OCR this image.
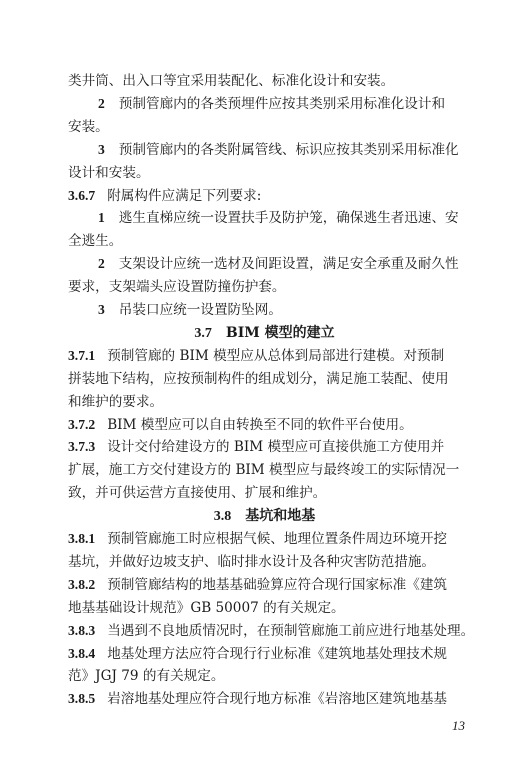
类井筒、出入口等宜采用装配化、标准化设计和安装。
2 预制管廊内的各类预埋件应按其类别采用标准化设计和
安装。
3 预制管廊内的各类附属管线、标识应按其类别采用标准化
设计和安装。
3.6.7 附属构件应满足下列要求:
1 逃生直梯应统一设置扶手及防护笼，确保逃生者迅速、安
全逃生。
2 支架设计应统一选材及间距设置，满足安全承重及耐久性
要求，支架端头应设置防撞伤护套。
3 吊装口应统一设置防坠网。
3.7 BIM 模型的建立
3.7.1 预制管廊的 BIM 模型应从总体到局部进行建模。对预制
拼装地下结构，应按预制构件的组成划分，满足施工装配、使用
和维护的要求。
3.7.2 BIM 模型应可以自由转换至不同的软件平台使用。
3.7.3 设计交付给建设方的 BIM 模型应可直接供施工方使用并
扩展，施工方交付建设方的 BIM 模型应与最终竣工的实际情况一
致，并可供运营方直接使用、扩展和维护。
3.8 基坑和地基
3.8.1 预制管廊施工时应根据气候、地理位置条件周边环境开挖
基坑，并做好边坡支护、临时排水设计及各种灾害防范措施。
3.8.2 预制管廊结构的地基基础验算应符合现行国家标准《建筑
地基基础设计规范》GB 50007 的有关规定。
3.8.3 当遇到不良地质情况时，在预制管廊施工前应进行地基处理。
3.8.4 地基处理方法应符合现行行业标准《建筑地基处理技术规
范》JGJ 79 的有关规定。
3.8.5 岩溶地基处理应符合现行地方标准《岩溶地区建筑地基基
13
